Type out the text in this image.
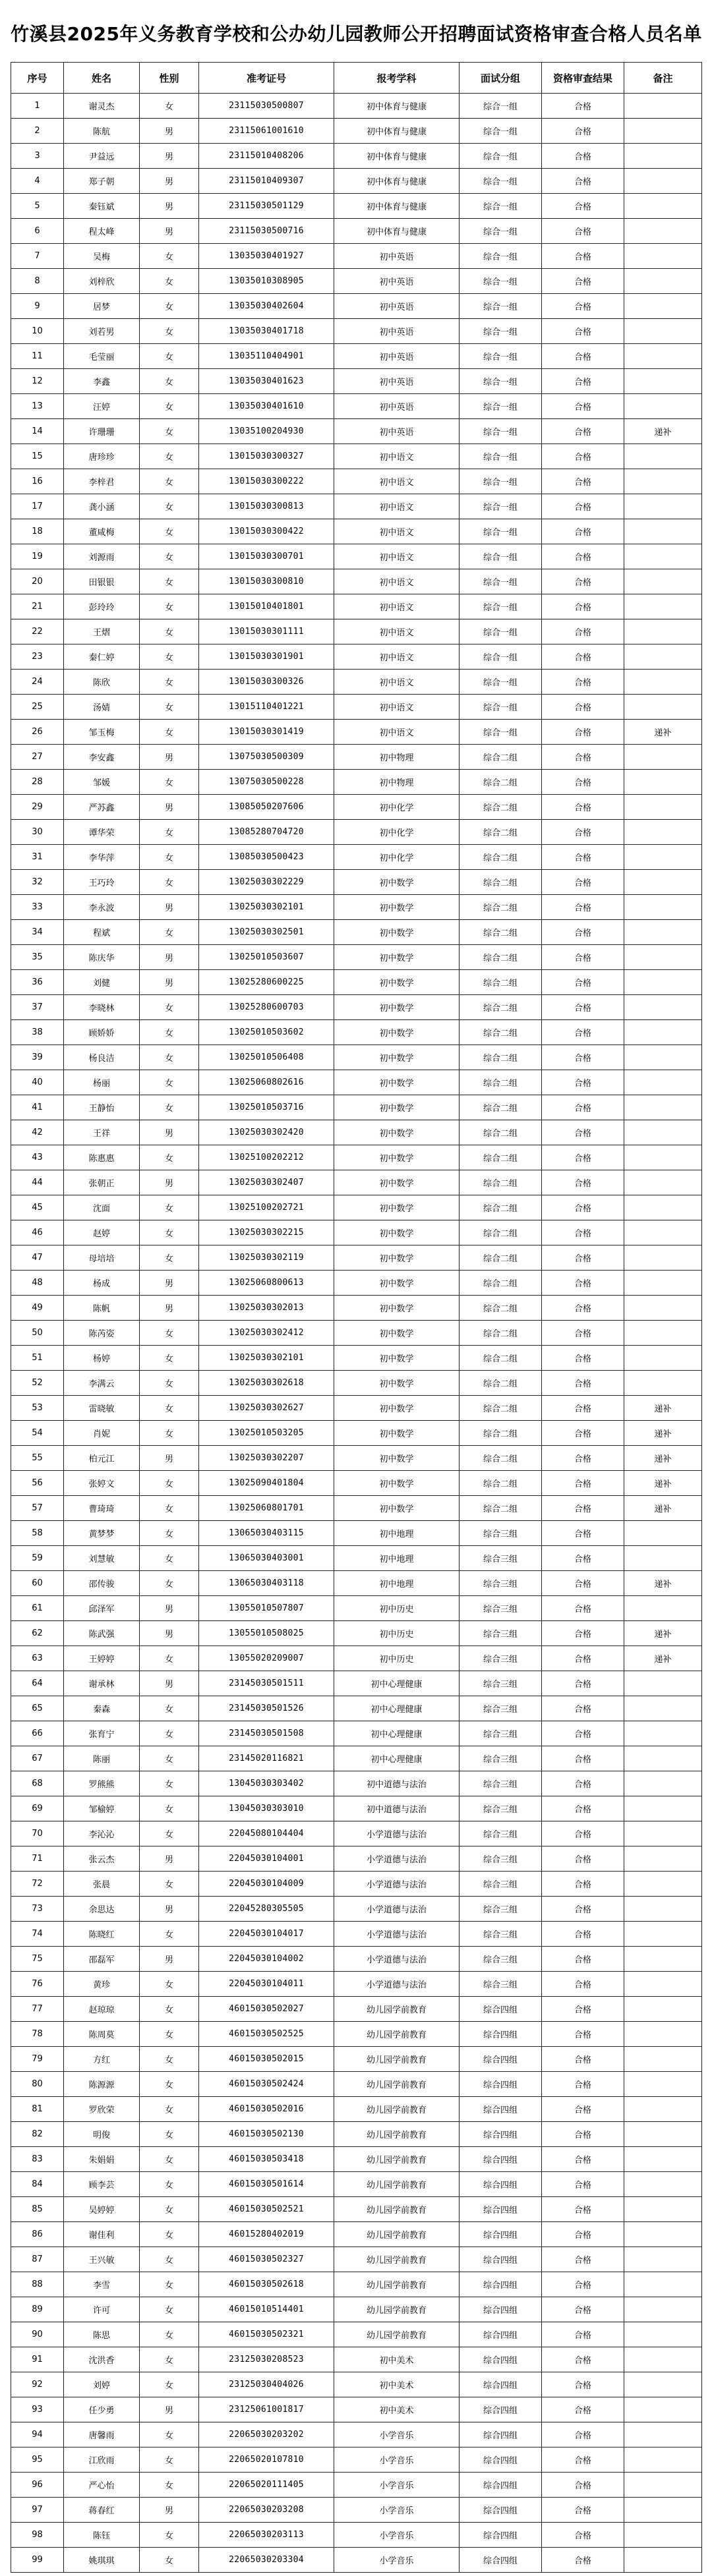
竹溪县2025年义务教育学校和公办幼儿园教师公开招聘面试资格审查合格人员名单
序号	姓名	性别	准考证号	报考学科	面试分组	资格审查结果	备注
1	谢灵杰	女	23115030500807	初中体育与健康	综合一组	合格	
2	陈航	男	23115061001610	初中体育与健康	综合一组	合格	
3	尹益远	男	23115010408206	初中体育与健康	综合一组	合格	
4	郑子朝	男	23115010409307	初中体育与健康	综合一组	合格	
5	秦钰斌	男	23115030501129	初中体育与健康	综合一组	合格	
6	程太峰	男	23115030500716	初中体育与健康	综合一组	合格	
7	吴梅	女	13035030401927	初中英语	综合一组	合格	
8	刘梓欣	女	13035010308905	初中英语	综合一组	合格	
9	居梦	女	13035030402604	初中英语	综合一组	合格	
10	刘若男	女	13035030401718	初中英语	综合一组	合格	
11	毛莹丽	女	13035110404901	初中英语	综合一组	合格	
12	李鑫	女	13035030401623	初中英语	综合一组	合格	
13	汪婷	女	13035030401610	初中英语	综合一组	合格	
14	许珊珊	女	13035100204930	初中英语	综合一组	合格	递补
15	唐珍珍	女	13015030300327	初中语文	综合一组	合格	
16	李梓君	女	13015030300222	初中语文	综合一组	合格	
17	龚小涵	女	13015030300813	初中语文	综合一组	合格	
18	董咸梅	女	13015030300422	初中语文	综合一组	合格	
19	刘源雨	女	13015030300701	初中语文	综合一组	合格	
20	田银银	女	13015030300810	初中语文	综合一组	合格	
21	彭玲玲	女	13015010401801	初中语文	综合一组	合格	
22	王熠	女	13015030301111	初中语文	综合一组	合格	
23	秦仁婷	女	13015030301901	初中语文	综合一组	合格	
24	陈欣	女	13015030300326	初中语文	综合一组	合格	
25	汤婧	女	13015110401221	初中语文	综合一组	合格	
26	邹玉梅	女	13015030301419	初中语文	综合一组	合格	递补
27	李安鑫	男	13075030500309	初中物理	综合二组	合格	
28	邹媛	女	13075030500228	初中物理	综合二组	合格	
29	严苏鑫	男	13085050207606	初中化学	综合二组	合格	
30	谭华荣	女	13085280704720	初中化学	综合二组	合格	
31	李华萍	女	13085030500423	初中化学	综合二组	合格	
32	王巧玲	女	13025030302229	初中数学	综合二组	合格	
33	李永波	男	13025030302101	初中数学	综合二组	合格	
34	程斌	女	13025030302501	初中数学	综合二组	合格	
35	陈庆华	男	13025010503607	初中数学	综合二组	合格	
36	刘健	男	13025280600225	初中数学	综合二组	合格	
37	李晓林	女	13025280600703	初中数学	综合二组	合格	
38	顾娇娇	女	13025010503602	初中数学	综合二组	合格	
39	杨良洁	女	13025010506408	初中数学	综合二组	合格	
40	杨丽	女	13025060802616	初中数学	综合二组	合格	
41	王静怡	女	13025010503716	初中数学	综合二组	合格	
42	王祥	男	13025030302420	初中数学	综合二组	合格	
43	陈惠惠	女	13025100202212	初中数学	综合二组	合格	
44	张朝正	男	13025030302407	初中数学	综合二组	合格	
45	沈面	女	13025100202721	初中数学	综合二组	合格	
46	赵婷	女	13025030302215	初中数学	综合二组	合格	
47	母培培	女	13025030302119	初中数学	综合二组	合格	
48	杨成	男	13025060800613	初中数学	综合二组	合格	
49	陈帆	男	13025030302013	初中数学	综合二组	合格	
50	陈芮姿	女	13025030302412	初中数学	综合二组	合格	
51	杨婷	女	13025030302101	初中数学	综合二组	合格	
52	李满云	女	13025030302618	初中数学	综合二组	合格	
53	雷晓敏	女	13025030302627	初中数学	综合二组	合格	递补
54	肖妮	女	13025010503205	初中数学	综合二组	合格	递补
55	柏元江	男	13025030302207	初中数学	综合二组	合格	递补
56	张婷文	女	13025090401804	初中数学	综合二组	合格	递补
57	曹琦琦	女	13025060801701	初中数学	综合二组	合格	递补
58	黄梦梦	女	13065030403115	初中地理	综合三组	合格	
59	刘慧敏	女	13065030403001	初中地理	综合三组	合格	
60	邵传骏	女	13065030403118	初中地理	综合三组	合格	递补
61	邱泽军	男	13055010507807	初中历史	综合三组	合格	
62	陈武强	男	13055010508025	初中历史	综合三组	合格	递补
63	王婷婷	女	13055020209007	初中历史	综合三组	合格	递补
64	谢承林	男	23145030501511	初中心理健康	综合三组	合格	
65	秦森	女	23145030501526	初中心理健康	综合三组	合格	
66	张育宁	女	23145030501508	初中心理健康	综合三组	合格	
67	陈丽	女	23145020116821	初中心理健康	综合三组	合格	
68	罗熊熊	女	13045030303402	初中道德与法治	综合三组	合格	
69	邹榆婷	女	13045030303010	初中道德与法治	综合三组	合格	
70	李沁沁	女	22045080104404	小学道德与法治	综合三组	合格	
71	张云杰	男	22045030104001	小学道德与法治	综合三组	合格	
72	张晨	女	22045030104009	小学道德与法治	综合三组	合格	
73	余思达	男	22045280305505	小学道德与法治	综合三组	合格	
74	陈晓红	女	22045030104017	小学道德与法治	综合三组	合格	
75	邵磊军	男	22045030104002	小学道德与法治	综合三组	合格	
76	黄珍	女	22045030104011	小学道德与法治	综合三组	合格	
77	赵琼琼	女	46015030502027	幼儿园学前教育	综合四组	合格	
78	陈周莫	女	46015030502525	幼儿园学前教育	综合四组	合格	
79	方红	女	46015030502015	幼儿园学前教育	综合四组	合格	
80	陈源源	女	46015030502424	幼儿园学前教育	综合四组	合格	
81	罗欣荣	女	46015030502016	幼儿园学前教育	综合四组	合格	
82	明俊	女	46015030502130	幼儿园学前教育	综合四组	合格	
83	朱娟娟	女	46015030503418	幼儿园学前教育	综合四组	合格	
84	顾李芸	女	46015030501614	幼儿园学前教育	综合四组	合格	
85	吴婷婷	女	46015030502521	幼儿园学前教育	综合四组	合格	
86	谢佳利	女	46015280402019	幼儿园学前教育	综合四组	合格	
87	王兴敏	女	46015030502327	幼儿园学前教育	综合四组	合格	
88	李雪	女	46015030502618	幼儿园学前教育	综合四组	合格	
89	许可	女	46015010514401	幼儿园学前教育	综合四组	合格	
90	陈思	女	46015030502321	幼儿园学前教育	综合四组	合格	
91	沈洪香	女	23125030208523	初中美术	综合四组	合格	
92	刘婷	女	23125030404026	初中美术	综合四组	合格	
93	任少勇	男	23125061001817	初中美术	综合四组	合格	
94	唐馨雨	女	22065030203202	小学音乐	综合四组	合格	
95	江欣雨	女	22065020107810	小学音乐	综合四组	合格	
96	严心怡	女	22065020111405	小学音乐	综合四组	合格	
97	蒋春红	男	22065030203208	小学音乐	综合四组	合格	
98	陈钰	女	22065030203113	小学音乐	综合四组	合格	
99	姚琪琪	女	22065030203304	小学音乐	综合四组	合格	
